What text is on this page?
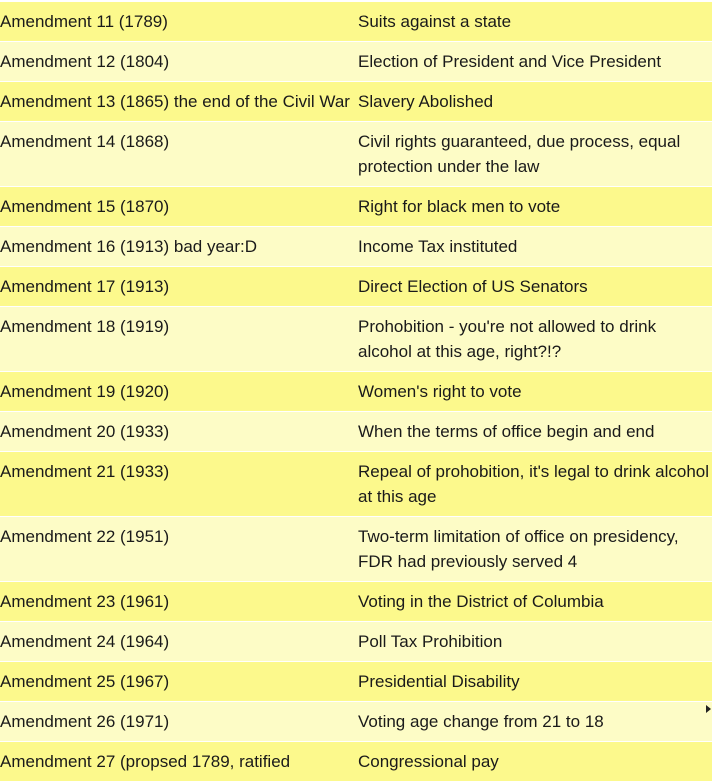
Amendment 11 (1789)	Suits against a state
Amendment 12 (1804)	Election of President and Vice President
Amendment 13 (1865) the end of the Civil War	Slavery Abolished
Amendment 14 (1868)	Civil rights guaranteed, due process, equal protection under the law
Amendment 15 (1870)	Right for black men to vote
Amendment 16 (1913) bad year:D	Income Tax instituted
Amendment 17 (1913)	Direct Election of US Senators
Amendment 18 (1919)	Prohobition - you're not allowed to drink alcohol at this age, right?!?
Amendment 19 (1920)	Women's right to vote
Amendment 20 (1933)	When the terms of office begin and end
Amendment 21 (1933)	Repeal of prohobition, it's legal to drink alcohol at this age
Amendment 22 (1951)	Two-term limitation of office on presidency, FDR had previously served 4
Amendment 23 (1961)	Voting in the District of Columbia
Amendment 24 (1964)	Poll Tax Prohibition
Amendment 25 (1967)	Presidential Disability
Amendment 26 (1971)	Voting age change from 21 to 18
Amendment 27 (propsed 1789, ratified	Congressional pay
